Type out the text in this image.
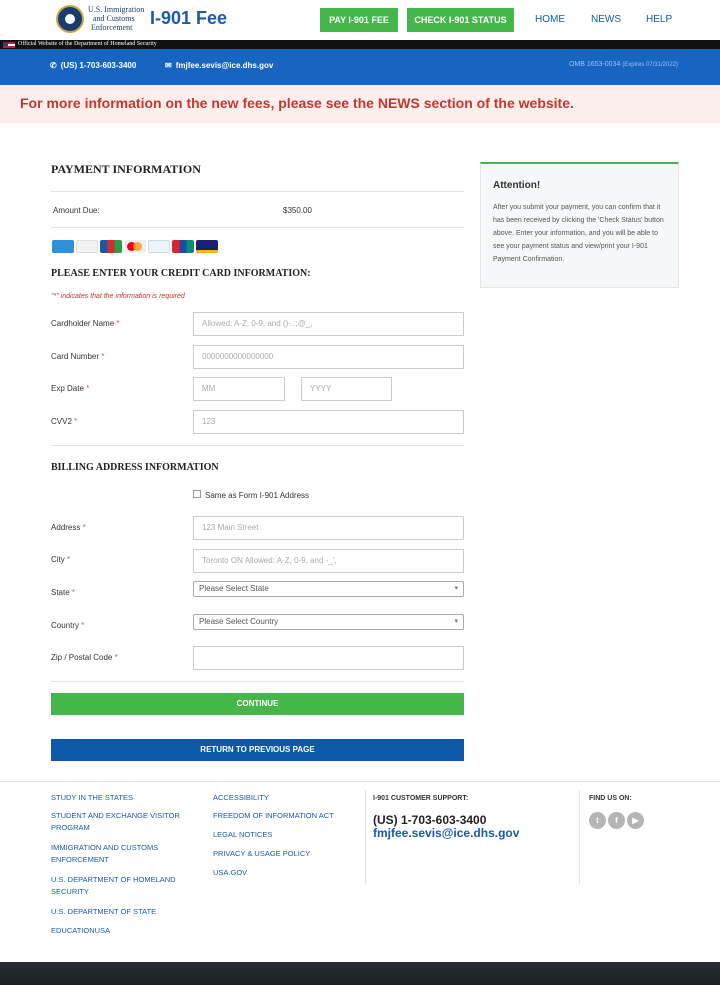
U.S. Immigration
and Customs
Enforcement I-901 Fee	PAY I-901 FEE	CHECK I-901 STATUS	HOME	NEWS	HELP
Official Website of the Department of Homeland Security
✆ (US) 1-703-603-3400	✉ fmjfee.sevis@ice.dhs.gov	OMB 1653-0034 (Expires 07/31/2022)
For more information on the new fees, please see the NEWS section of the website.
PAYMENT INFORMATION
Amount Due:	$350.00
PLEASE ENTER YOUR CREDIT CARD INFORMATION:
"*" indicates that the information is required
Cardholder Name *	Allowed: A-Z, 0-9, and ()-.:;@_,
Card Number *	0000000000000000
Exp Date *	MM	YYYY
CVV2 *	123
BILLING ADDRESS INFORMATION
Same as Form I-901 Address
Address *	123 Main Street
City *	Toronto ON Allowed: A-Z, 0-9, and -_',
State *	Please Select State	▾
Country *	Please Select Country	▾
Zip / Postal Code *
CONTINUE
RETURN TO PREVIOUS PAGE
Attention!
After you submit your payment, you can confirm that it has been received by clicking the 'Check Status' button above. Enter your information, and you will be able to see your payment status and view/print your I-901 Payment Confirmation.
STUDY IN THE STATES
STUDENT AND EXCHANGE VISITOR PROGRAM
IMMIGRATION AND CUSTOMS ENFORCEMENT
U.S. DEPARTMENT OF HOMELAND SECURITY
U.S. DEPARTMENT OF STATE
EDUCATIONUSA
ACCESSIBILITY
FREEDOM OF INFORMATION ACT
LEGAL NOTICES
PRIVACY & USAGE POLICY
USA.GOV
I-901 CUSTOMER SUPPORT:
(US) 1-703-603-3400
fmjfee.sevis@ice.dhs.gov
FIND US ON:
t	f	▶
